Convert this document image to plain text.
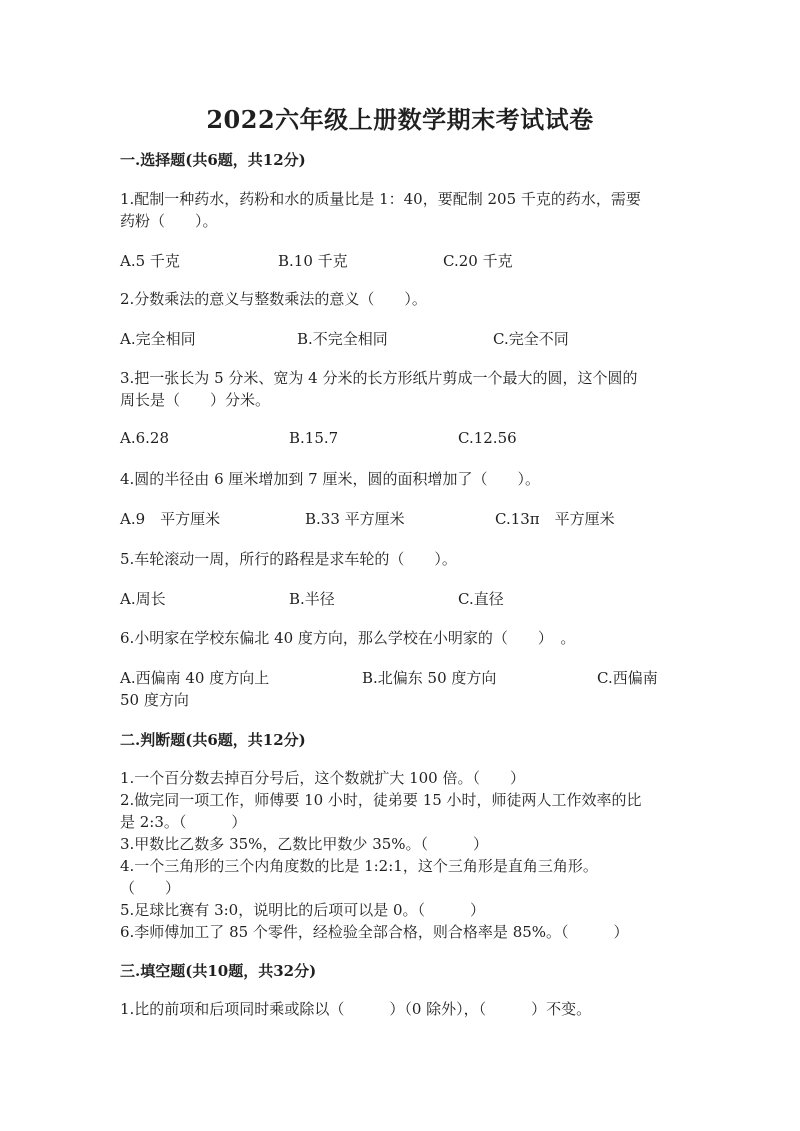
2022六年级上册数学期末考试试卷
一.选择题(共6题，共12分)
1.配制一种药水，药粉和水的质量比是 1：40，要配制 205 千克的药水，需要
药粉（　　）。
A.5 千克	B.10 千克	C.20 千克
2.分数乘法的意义与整数乘法的意义（　　）。
A.完全相同	B.不完全相同	C.完全不同
3.把一张长为 5 分米、宽为 4 分米的长方形纸片剪成一个最大的圆，这个圆的
周长是（　　）分米。
A.6.28	B.15.7	C.12.56
4.圆的半径由 6 厘米增加到 7 厘米，圆的面积增加了（　　）。
A.9　平方厘米	B.33 平方厘米	C.13π　平方厘米
5.车轮滚动一周，所行的路程是求车轮的（　　）。
A.周长	B.半径	C.直径
6.小明家在学校东偏北 40 度方向，那么学校在小明家的（　　）　。
A.西偏南 40 度方向上	B.北偏东 50 度方向	C.西偏南
50 度方向
二.判断题(共6题，共12分)
1.一个百分数去掉百分号后，这个数就扩大 100 倍。（　　）
2.做完同一项工作，师傅要 10 小时，徒弟要 15 小时，师徒两人工作效率的比
是 2:3。（　　　）
3.甲数比乙数多 35%，乙数比甲数少 35%。（　　　）
4.一个三角形的三个内角度数的比是 1:2:1，这个三角形是直角三角形。
（　　）
5.足球比赛有 3:0，说明比的后项可以是 0。（　　　）
6.李师傅加工了 85 个零件，经检验全部合格，则合格率是 85%。（　　　）
三.填空题(共10题，共32分)
1.比的前项和后项同时乘或除以（　　　）（0 除外），（　　　）不变。
